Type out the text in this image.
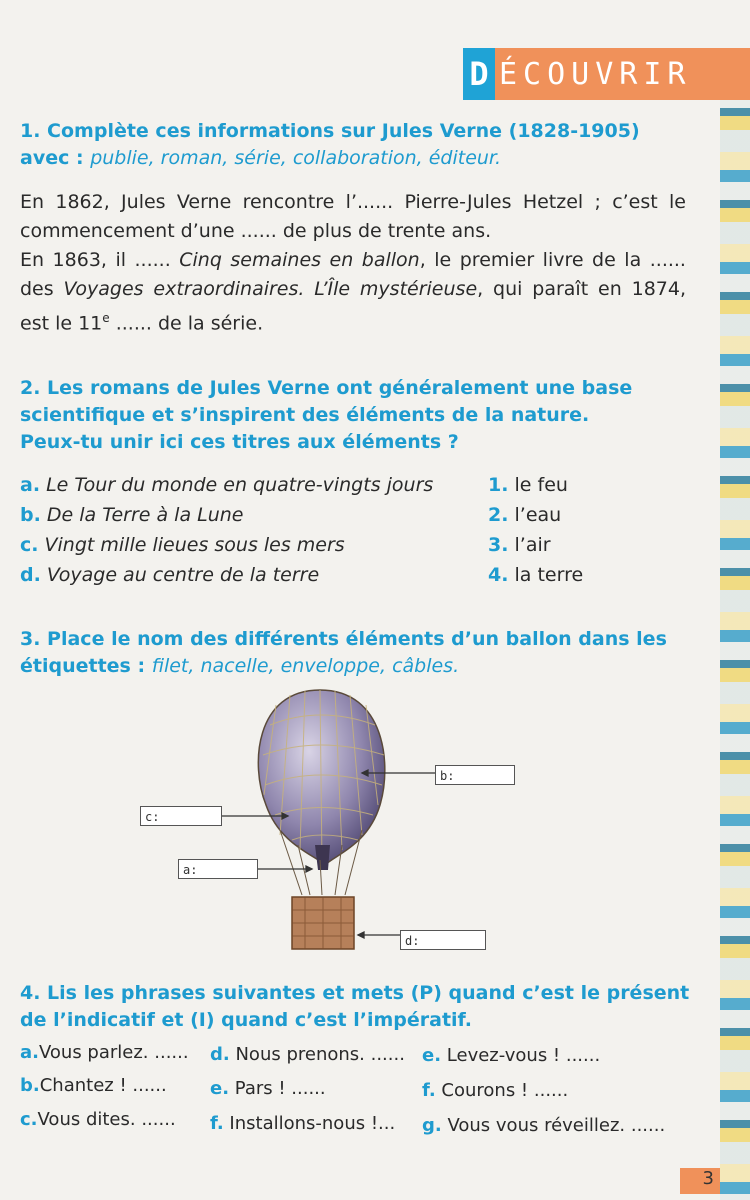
D ÉCOUVRIR
1. Complète ces informations sur Jules Verne (1828-1905)
avec : publie, roman, série, collaboration, éditeur.
En 1862, Jules Verne rencontre l’...... Pierre-Jules Hetzel ; c’est le commencement d’une ...... de plus de trente ans.
En 1863, il ...... Cinq semaines en ballon, le premier livre de la ...... des Voyages extraordinaires. L’Île mystérieuse, qui paraît en 1874, est le 11e ...... de la série.
2. Les romans de Jules Verne ont généralement une base
scientifique et s’inspirent des éléments de la nature.
Peux-tu unir ici ces titres aux éléments ?
a. Le Tour du monde en quatre-vingts jours
b. De la Terre à la Lune
c. Vingt mille lieues sous les mers
d. Voyage au centre de la terre
1. le feu
2. l’eau
3. l’air
4. la terre
3. Place le nom des différents éléments d’un ballon dans les
étiquettes : filet, nacelle, enveloppe, câbles.
b:
c:
a:
d:
4. Lis les phrases suivantes et mets (P) quand c’est le présent
de l’indicatif et (I) quand c’est l’impératif.
a.Vous parlez. ...... d. Nous prenons. ...... e. Levez-vous ! ......
b.Chantez ! ...... e. Pars ! ......	f. Courons ! ......
c.Vous dites. ...... f. Installons-nous !... g. Vous vous réveillez. ......
3
